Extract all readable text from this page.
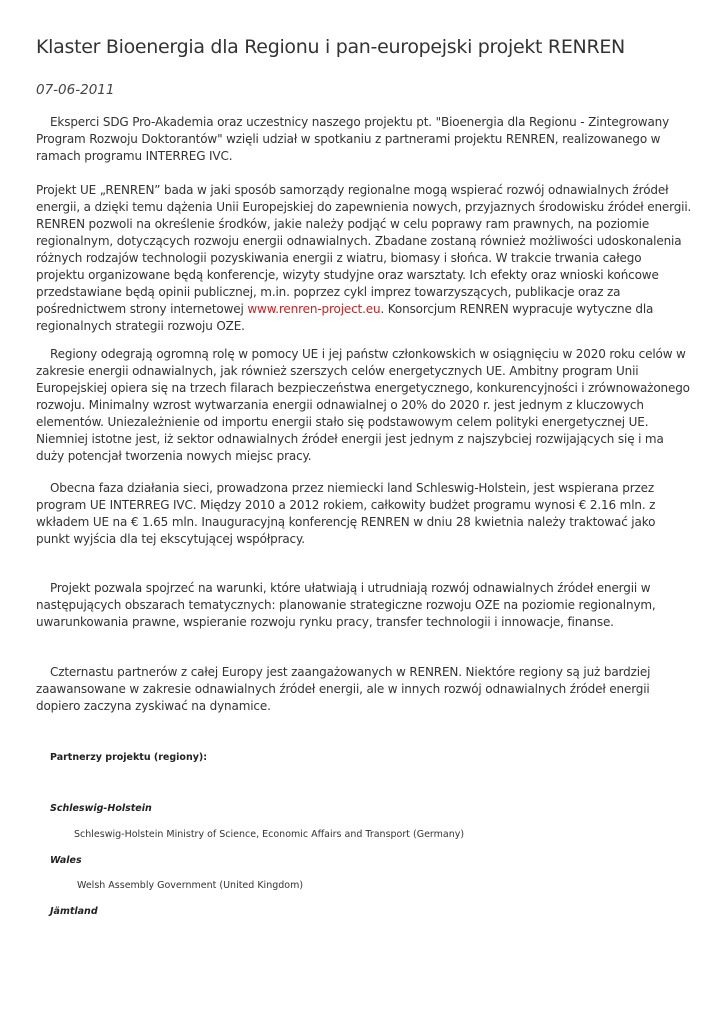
Klaster Bioenergia dla Regionu i pan-europejski projekt RENREN
07-06-2011

Eksperci SDG Pro-Akademia oraz uczestnicy naszego projektu pt. "Bioenergia dla Regionu - Zintegrowany Program Rozwoju Doktorantów" wzięli udział w spotkaniu z partnerami projektu RENREN, realizowanego w ramach programu INTERREG IVC.

Projekt UE „RENREN” bada w jaki sposób samorządy regionalne mogą wspierać rozwój odnawialnych źródeł energii, a dzięki temu dążenia Unii Europejskiej do zapewnienia nowych, przyjaznych środowisku źródeł energii. RENREN pozwoli na określenie środków, jakie należy podjąć w celu poprawy ram prawnych, na poziomie regionalnym, dotyczących rozwoju energii odnawialnych. Zbadane zostaną również możliwości udoskonalenia różnych rodzajów technologii pozyskiwania energii z wiatru, biomasy i słońca. W trakcie trwania całego projektu organizowane będą konferencje, wizyty studyjne oraz warsztaty. Ich efekty oraz wnioski końcowe przedstawiane będą opinii publicznej, m.in. poprzez cykl imprez towarzyszących, publikacje oraz za pośrednictwem strony internetowej www.renren-project.eu. Konsorcjum RENREN wypracuje wytyczne dla regionalnych strategii rozwoju OZE.

Regiony odegrają ogromną rolę w pomocy UE i jej państw członkowskich w osiągnięciu w 2020 roku celów w zakresie energii odnawialnych, jak również szerszych celów energetycznych UE. Ambitny program Unii Europejskiej opiera się na trzech filarach bezpieczeństwa energetycznego, konkurencyjności i zrównoważonego rozwoju. Minimalny wzrost wytwarzania energii odnawialnej o 20% do 2020 r. jest jednym z kluczowych elementów. Uniezależnienie od importu energii stało się podstawowym celem polityki energetycznej UE. Niemniej istotne jest, iż sektor odnawialnych źródeł energii jest jednym z najszybciej rozwijających się i ma duży potencjał tworzenia nowych miejsc pracy.

Obecna faza działania sieci, prowadzona przez niemiecki land Schleswig-Holstein, jest wspierana przez program UE INTERREG IVC. Między 2010 a 2012 rokiem, całkowity budżet programu wynosi € 2.16 mln. z wkładem UE na € 1.65 mln. Inauguracyjną konferencję RENREN w dniu 28 kwietnia należy traktować jako punkt wyjścia dla tej ekscytującej współpracy.

Projekt pozwala spojrzeć na warunki, które ułatwiają i utrudniają rozwój odnawialnych źródeł energii w następujących obszarach tematycznych: planowanie strategiczne rozwoju OZE na poziomie regionalnym, uwarunkowania prawne, wspieranie rozwoju rynku pracy, transfer technologii i innowacje, finanse.

Czternastu partnerów z całej Europy jest zaangażowanych w RENREN. Niektóre regiony są już bardziej zaawansowane w zakresie odnawialnych źródeł energii, ale w innych rozwój odnawialnych źródeł energii dopiero zaczyna zyskiwać na dynamice.

Partnerzy projektu (regiony):
Schleswig-Holstein
Schleswig-Holstein Ministry of Science, Economic Affairs and Transport (Germany)
Wales
Welsh Assembly Government (United Kingdom)
Jämtland
